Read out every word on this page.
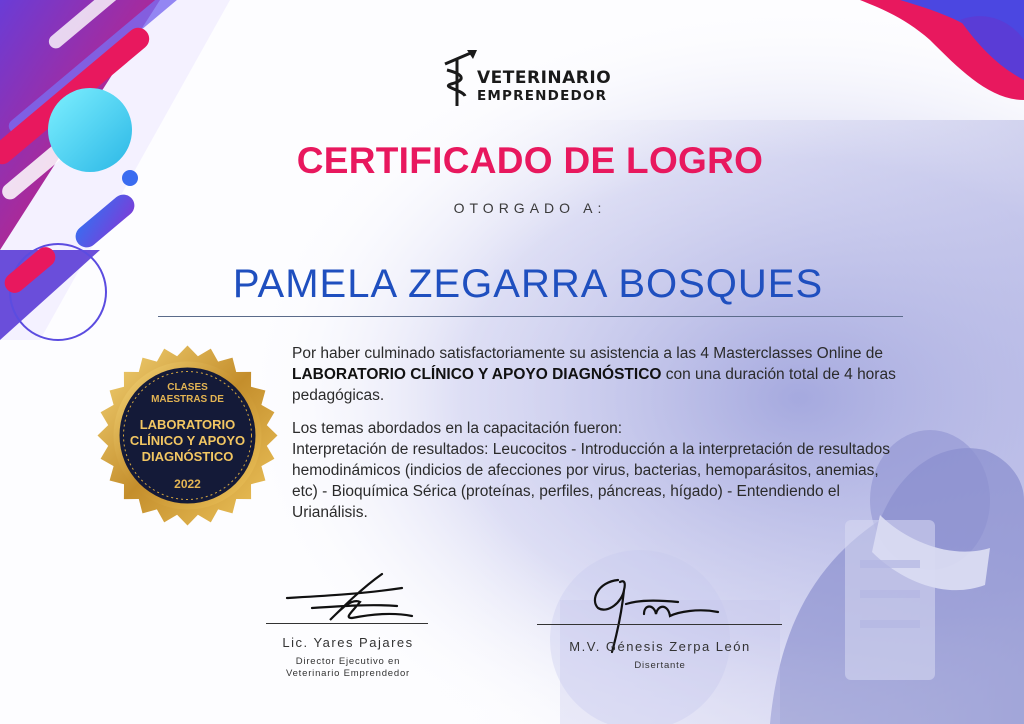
VETERINARIO
EMPRENDEDOR
CERTIFICADO DE LOGRO
OTORGADO A:
PAMELA ZEGARRA BOSQUES
CLASES
MAESTRAS DE
LABORATORIO
CLÍNICO Y APOYO
DIAGNÓSTICO
2022

Por haber culminado satisfactoriamente su asistencia a las 4 Masterclasses Online de LABORATORIO CLÍNICO Y APOYO DIAGNÓSTICO con una duración total de 4 horas pedagógicas.

Los temas abordados en la capacitación fueron:
Interpretación de resultados: Leucocitos - Introducción a la interpretación de resultados hemodinámicos (indicios de afecciones por virus, bacterias, hemoparásitos, anemias, etc) - Bioquímica Sérica (proteínas, perfiles, páncreas, hígado) - Entendiendo el Urianálisis.

Lic. Yares Pajares
Director Ejecutivo en
Veterinario Emprendedor
M.V. Génesis Zerpa León
Disertante
